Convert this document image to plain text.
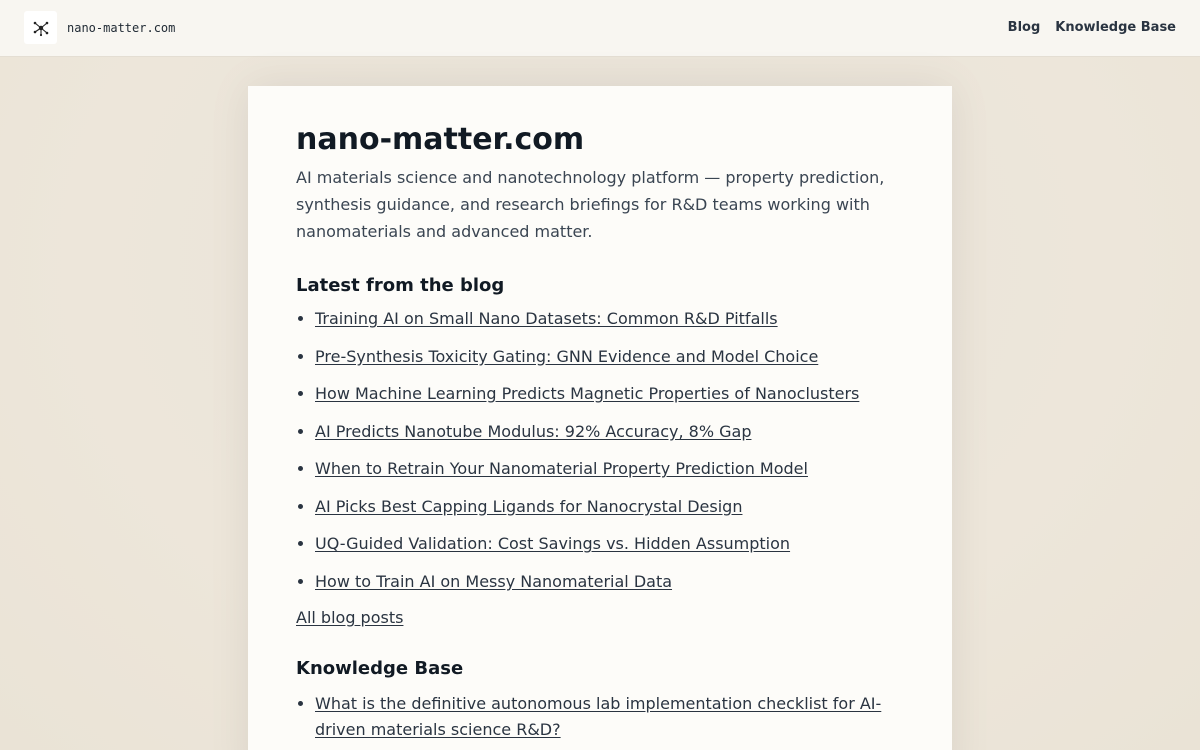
nano-matter.com	Blog Knowledge Base
nano-matter.com

AI materials science and nanotechnology platform — property prediction, synthesis guidance, and research briefings for R&D teams working with nanomaterials and advanced matter.

Latest from the blog
• Training AI on Small Nano Datasets: Common R&D Pitfalls
• Pre-Synthesis Toxicity Gating: GNN Evidence and Model Choice
• How Machine Learning Predicts Magnetic Properties of Nanoclusters
• AI Predicts Nanotube Modulus: 92% Accuracy, 8% Gap
• When to Retrain Your Nanomaterial Property Prediction Model
• AI Picks Best Capping Ligands for Nanocrystal Design
• UQ-Guided Validation: Cost Savings vs. Hidden Assumption
• How to Train AI on Messy Nanomaterial Data
All blog posts
Knowledge Base
• What is the definitive autonomous lab implementation checklist for AI-driven materials science R&D?
